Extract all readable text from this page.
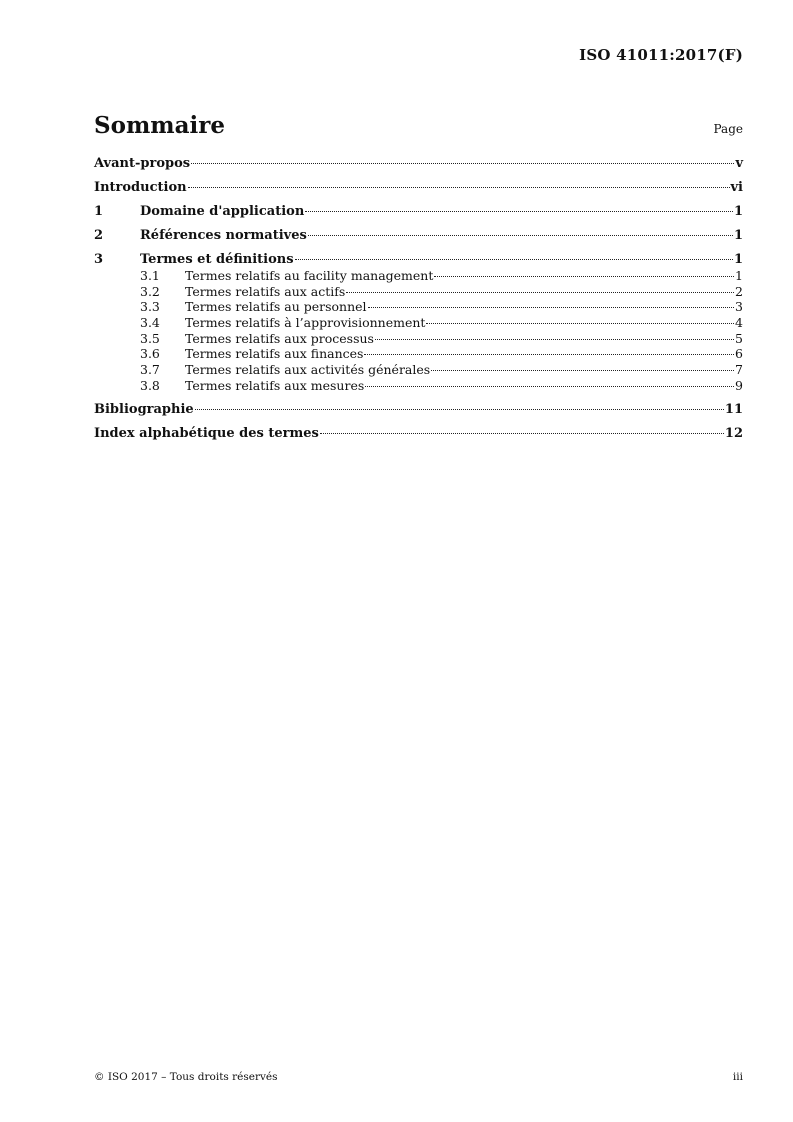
ISO 41011:2017(F)
Sommaire	Page
Avant-propos	v
Introduction	vi
1	Domaine d'application	1
2	Références normatives	1
3	Termes et définitions	1
3.1	Termes relatifs au facility management	1
3.2	Termes relatifs aux actifs	2
3.3	Termes relatifs au personnel	3
3.4	Termes relatifs à l’approvisionnement	4
3.5	Termes relatifs aux processus	5
3.6	Termes relatifs aux finances	6
3.7	Termes relatifs aux activités générales	7
3.8	Termes relatifs aux mesures	9
Bibliographie	11
Index alphabétique des termes	12
© ISO 2017 – Tous droits réservés	iii
